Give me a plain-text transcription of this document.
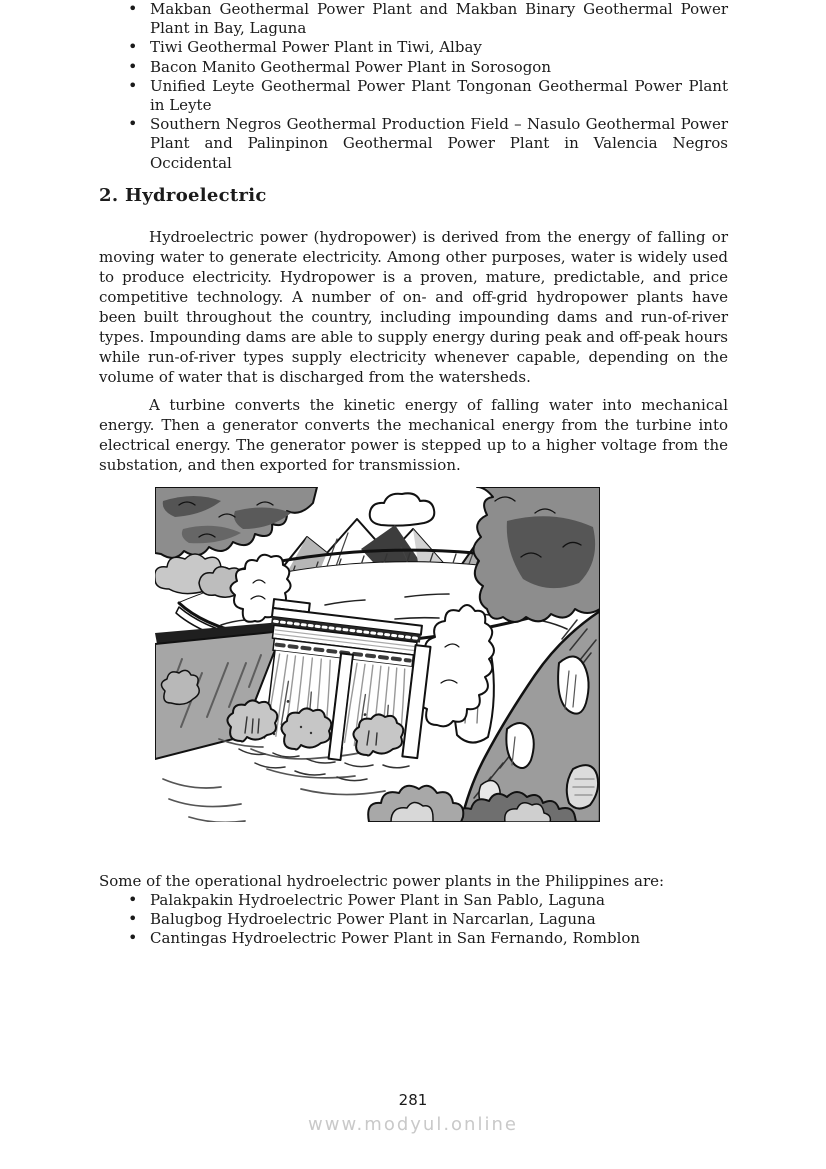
• Makban Geothermal Power Plant and Makban Binary Geothermal Power Plant in Bay, Laguna
• Tiwi Geothermal Power Plant in Tiwi, Albay
• Bacon Manito Geothermal Power Plant in Sorosogon
• Unified Leyte Geothermal Power Plant Tongonan Geothermal Power Plant in Leyte
• Southern Negros Geothermal Production Field – Nasulo Geothermal Power Plant and Palinpinon Geothermal Power Plant in Valencia Negros Occidental
2. Hydroelectric

Hydroelectric power (hydropower) is derived from the energy of falling or moving water to generate electricity. Among other purposes, water is widely used to produce electricity. Hydropower is a proven, mature, predictable, and price competitive technology. A number of on- and off-grid hydropower plants have been built throughout the country, including impounding dams and run-of-river types. Impounding dams are able to supply energy during peak and off-peak hours while run-of-river types supply electricity whenever capable, depending on the volume of water that is discharged from the watersheds.

A turbine converts the kinetic energy of falling water into mechanical energy. Then a generator converts the mechanical energy from the turbine into electrical energy. The generator power is stepped up to a higher voltage from the substation, and then exported for transmission.

Some of the operational hydroelectric power plants in the Philippines are:

• Palakpakin Hydroelectric Power Plant in San Pablo, Laguna
• Balugbog Hydroelectric Power Plant in Narcarlan, Laguna
• Cantingas Hydroelectric Power Plant in San Fernando, Romblon
281
www.modyul.online
